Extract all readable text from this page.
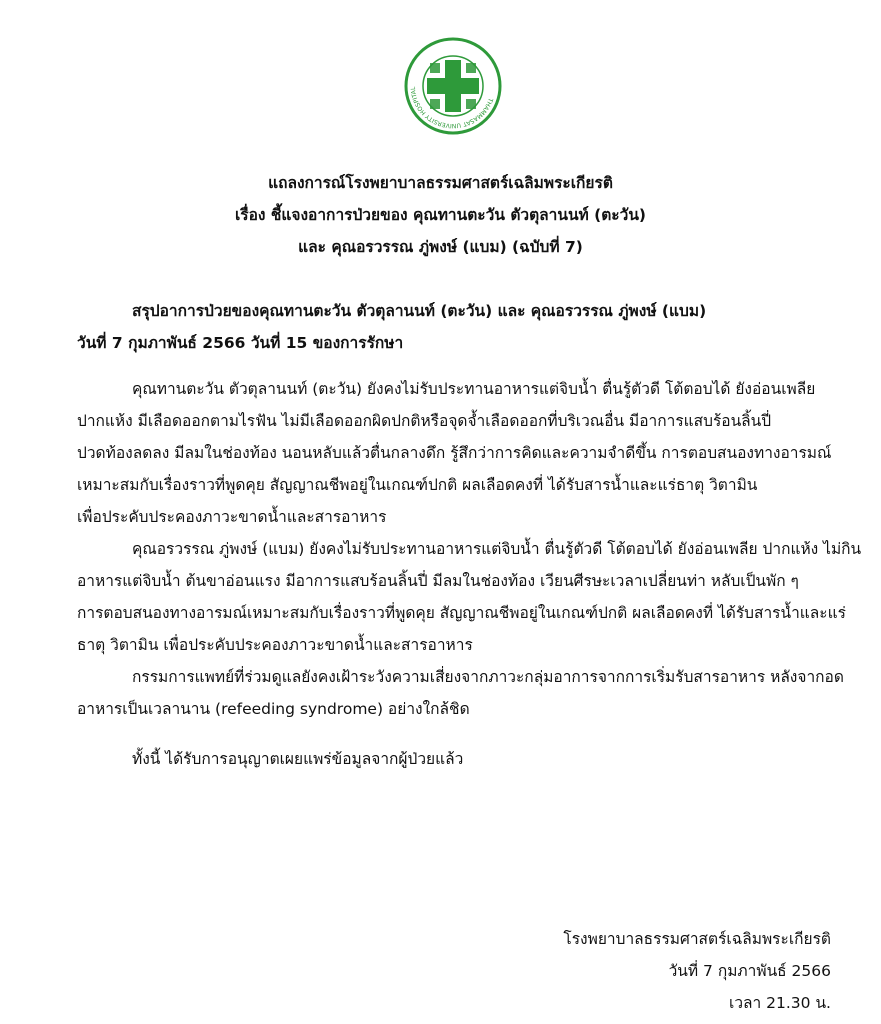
THAMMASAT UNIVERSITY HOSPITAL
แถลงการณ์โรงพยาบาลธรรมศาสตร์เฉลิมพระเกียรติ
เรื่อง ชี้แจงอาการป่วยของ คุณทานตะวัน ตัวตุลานนท์ (ตะวัน)
และ คุณอรวรรณ ภู่พงษ์ (แบม) (ฉบับที่ 7)
สรุปอาการป่วยของคุณทานตะวัน ตัวตุลานนท์ (ตะวัน) และ คุณอรวรรณ ภู่พงษ์ (แบม)
วันที่ 7 กุมภาพันธ์ 2566 วันที่ 15 ของการรักษา
คุณทานตะวัน ตัวตุลานนท์ (ตะวัน) ยังคงไม่รับประทานอาหารแต่จิบน้ำ ตื่นรู้ตัวดี โต้ตอบได้ ยังอ่อนเพลีย
ปากแห้ง มีเลือดออกตามไรฟัน ไม่มีเลือดออกผิดปกติหรือจุดจ้ำเลือดออกที่บริเวณอื่น มีอาการแสบร้อนลิ้นปี่
ปวดท้องลดลง มีลมในช่องท้อง นอนหลับแล้วตื่นกลางดึก รู้สึกว่าการคิดและความจำดีขึ้น การตอบสนองทางอารมณ์
เหมาะสมกับเรื่องราวที่พูดคุย สัญญาณชีพอยู่ในเกณฑ์ปกติ ผลเลือดคงที่ ได้รับสารน้ำและแร่ธาตุ วิตามิน
เพื่อประคับประคองภาวะขาดน้ำและสารอาหาร
คุณอรวรรณ ภู่พงษ์ (แบม) ยังคงไม่รับประทานอาหารแต่จิบน้ำ ตื่นรู้ตัวดี โต้ตอบได้ ยังอ่อนเพลีย ปากแห้ง ไม่กิน
อาหารแต่จิบน้ำ ต้นขาอ่อนแรง มีอาการแสบร้อนลิ้นปี่ มีลมในช่องท้อง เวียนศีรษะเวลาเปลี่ยนท่า หลับเป็นพัก ๆ
การตอบสนองทางอารมณ์เหมาะสมกับเรื่องราวที่พูดคุย สัญญาณชีพอยู่ในเกณฑ์ปกติ ผลเลือดคงที่ ได้รับสารน้ำและแร่
ธาตุ วิตามิน เพื่อประคับประคองภาวะขาดน้ำและสารอาหาร
กรรมการแพทย์ที่ร่วมดูแลยังคงเฝ้าระวังความเสี่ยงจากภาวะกลุ่มอาการจากการเริ่มรับสารอาหาร หลังจากอด
อาหารเป็นเวลานาน (refeeding syndrome) อย่างใกล้ชิด
ทั้งนี้ ได้รับการอนุญาตเผยแพร่ข้อมูลจากผู้ป่วยแล้ว
โรงพยาบาลธรรมศาสตร์เฉลิมพระเกียรติ
วันที่ 7 กุมภาพันธ์ 2566
เวลา 21.30 น.
